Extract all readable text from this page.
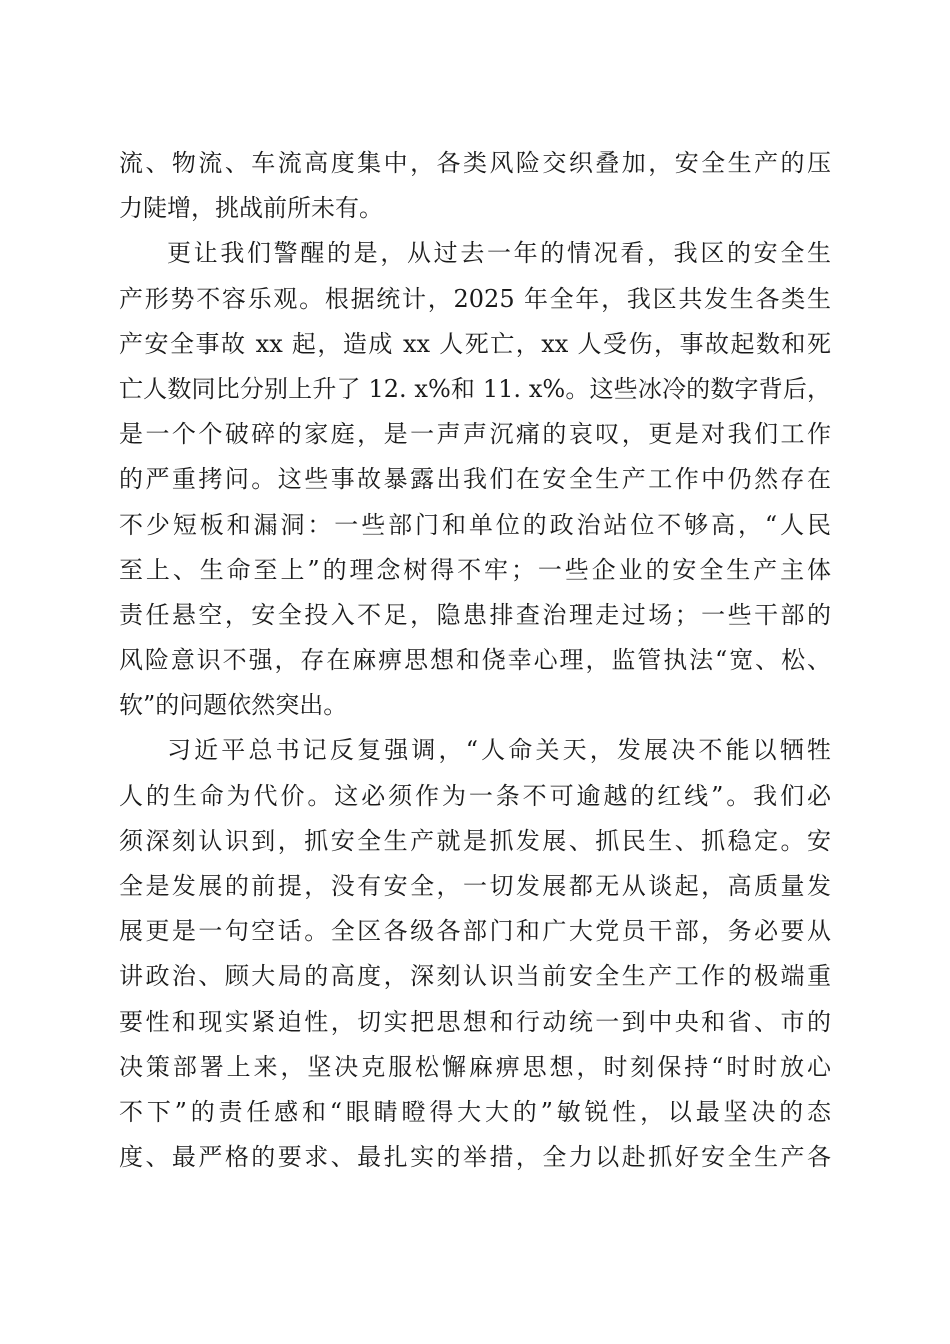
流、物流、车流高度集中，各类风险交织叠加，安全生产的压
力陡增，挑战前所未有。
更让我们警醒的是，从过去一年的情况看，我区的安全生
产形势不容乐观。根据统计，2025 年全年，我区共发生各类生
产安全事故 xx 起，造成 xx 人死亡，xx 人受伤，事故起数和死
亡人数同比分别上升了 12. x%和 11. x%。这些冰冷的数字背后，
是一个个破碎的家庭，是一声声沉痛的哀叹，更是对我们工作
的严重拷问。这些事故暴露出我们在安全生产工作中仍然存在
不少短板和漏洞：一些部门和单位的政治站位不够高，“人民
至上、生命至上”的理念树得不牢；一些企业的安全生产主体
责任悬空，安全投入不足，隐患排查治理走过场；一些干部的
风险意识不强，存在麻痹思想和侥幸心理，监管执法“宽、松、
软”的问题依然突出。
习近平总书记反复强调，“人命关天，发展决不能以牺牲
人的生命为代价。这必须作为一条不可逾越的红线”。我们必
须深刻认识到，抓安全生产就是抓发展、抓民生、抓稳定。安
全是发展的前提，没有安全，一切发展都无从谈起，高质量发
展更是一句空话。全区各级各部门和广大党员干部，务必要从
讲政治、顾大局的高度，深刻认识当前安全生产工作的极端重
要性和现实紧迫性，切实把思想和行动统一到中央和省、市的
决策部署上来，坚决克服松懈麻痹思想，时刻保持“时时放心
不下”的责任感和“眼睛瞪得大大的”敏锐性，以最坚决的态
度、最严格的要求、最扎实的举措，全力以赴抓好安全生产各
